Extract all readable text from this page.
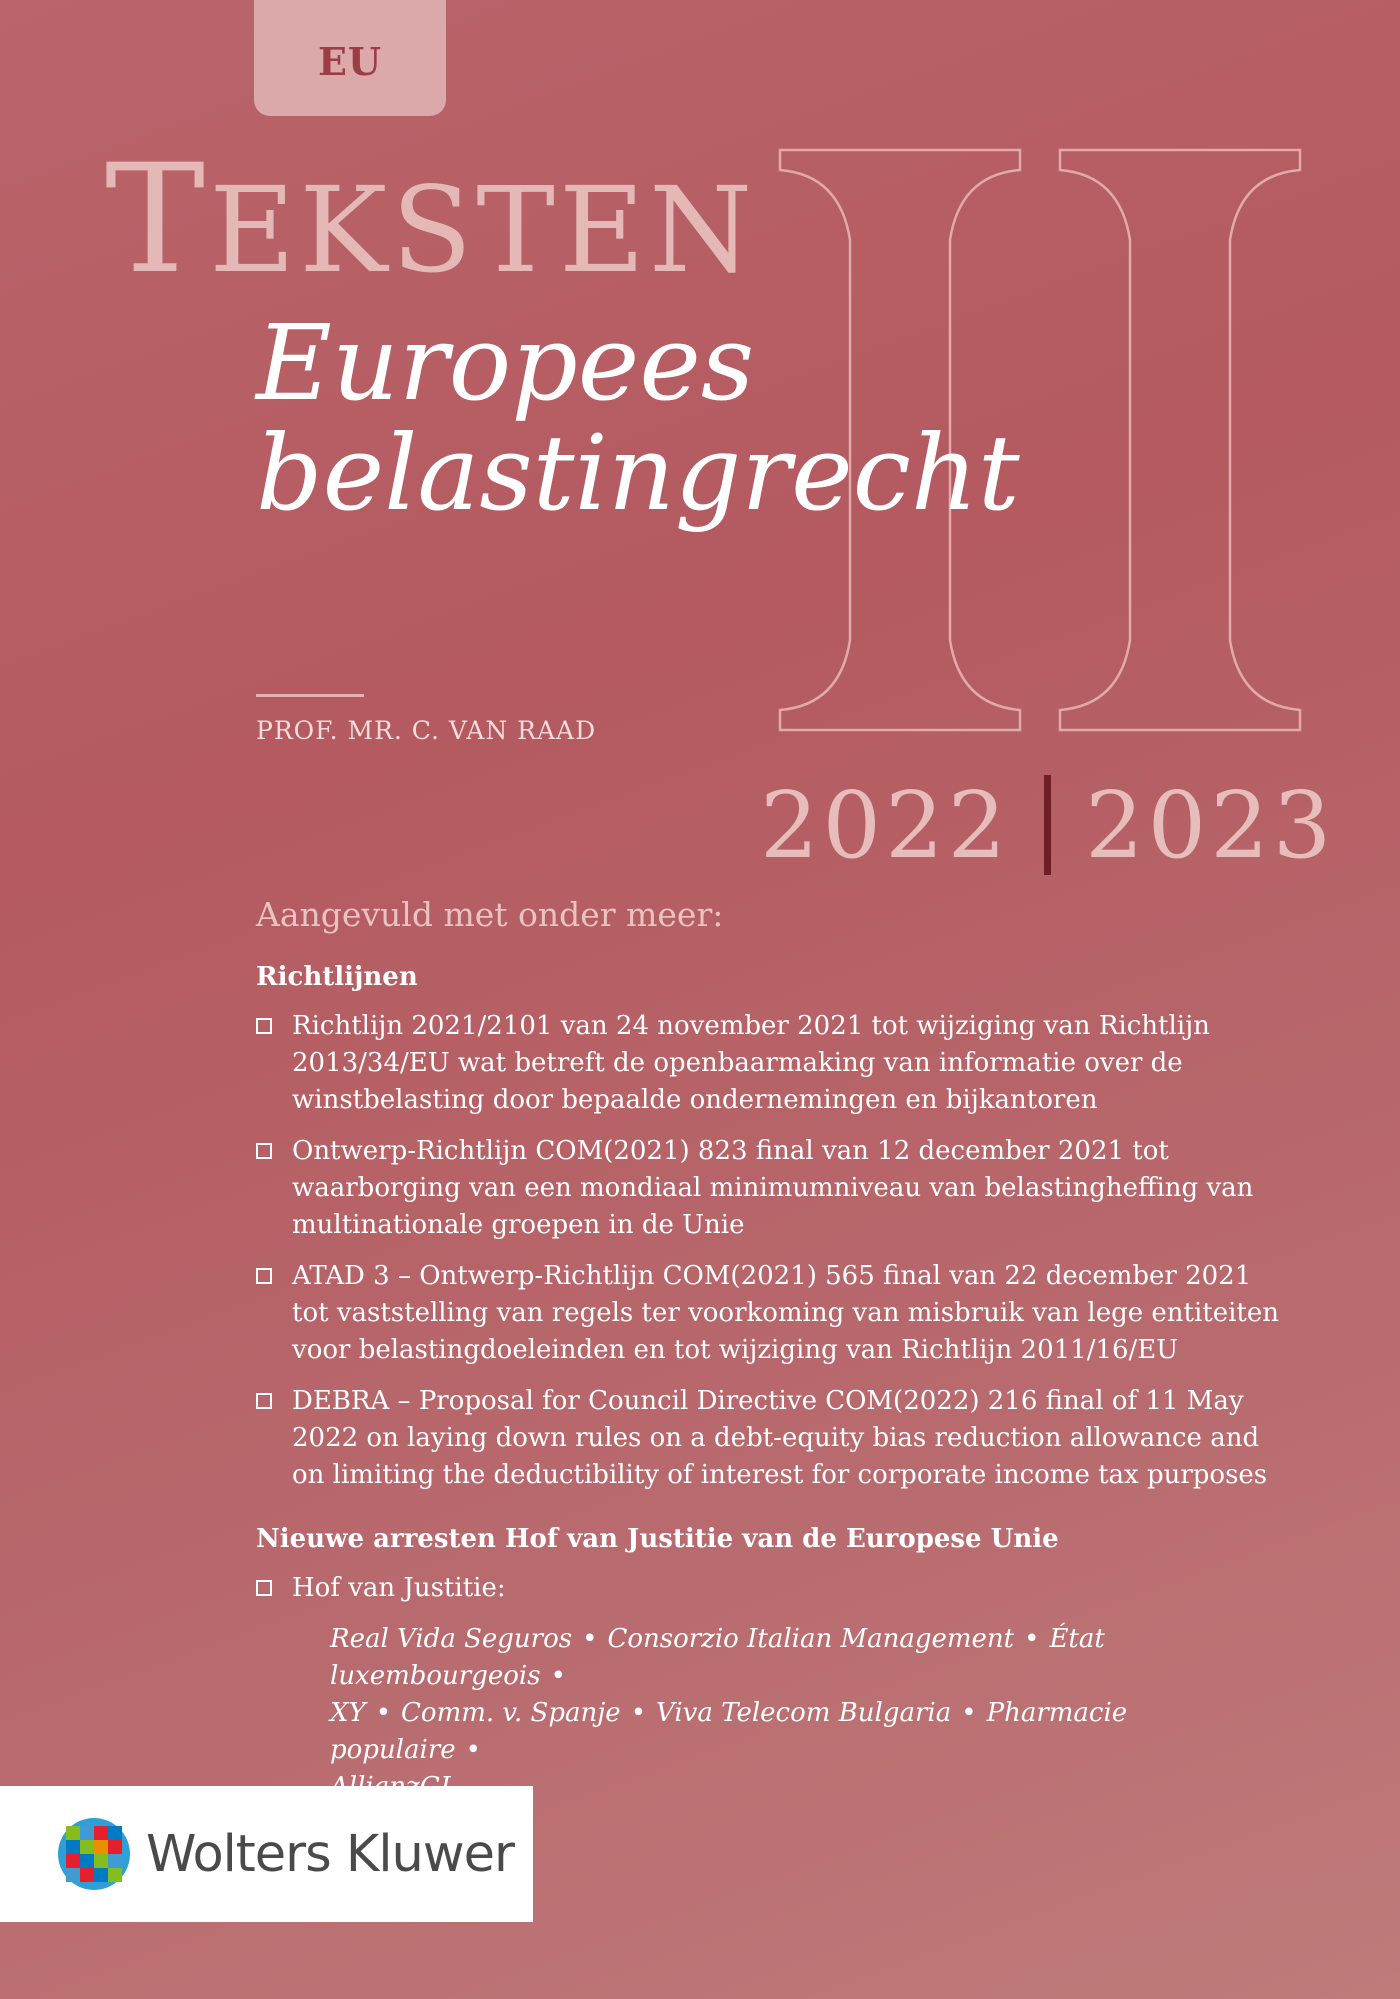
EU
TEKSTEN
Europees
belastingrecht
PROF. MR. C. VAN RAAD
2022 2023
Aangevuld met onder meer:
Richtlijnen
Richtlijn 2021/2101 van 24 november 2021 tot wijziging van Richtlijn 2013/34/EU wat betreft de openbaarmaking van informatie over de winstbelasting door bepaalde ondernemingen en bijkantoren
Ontwerp-Richtlijn COM(2021) 823 final van 12 december 2021 tot waarborging van een mondiaal minimumniveau van belastingheffing van multinationale groepen in de Unie
ATAD 3 – Ontwerp-Richtlijn COM(2021) 565 final van 22 december 2021 tot vaststelling van regels ter voorkoming van misbruik van lege entiteiten voor belastingdoeleinden en tot wijziging van Richtlijn 2011/16/EU
DEBRA – Proposal for Council Directive COM(2022) 216 final of 11 May 2022 on laying down rules on a debt-equity bias reduction allowance and on limiting the deductibility of interest for corporate income tax purposes
Nieuwe arresten Hof van Justitie van de Europese Unie
Hof van Justitie:
Real Vida Seguros • Consorzio Italian Management • État luxembourgeois •
XY • Comm. v. Spanje • Viva Telecom Bulgaria • Pharmacie populaire •

Wolters Kluwer
